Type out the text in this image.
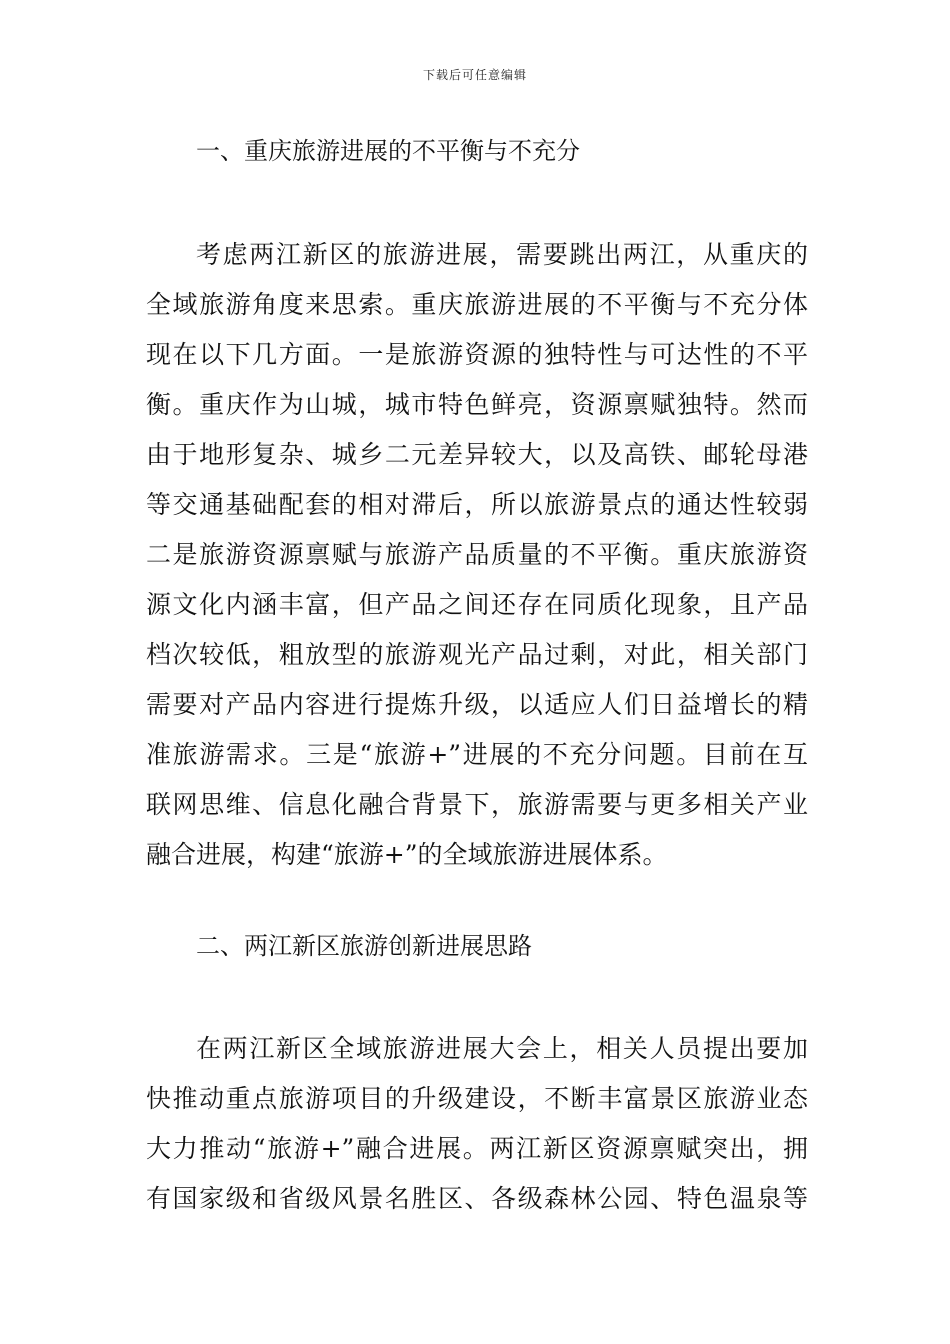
下载后可任意编辑
一、重庆旅游进展的不平衡与不充分
考虑两江新区的旅游进展，需要跳出两江，从重庆的
全域旅游角度来思索。重庆旅游进展的不平衡与不充分体
现在以下几方面。一是旅游资源的独特性与可达性的不平
衡。重庆作为山城，城市特色鲜亮，资源禀赋独特。然而
由于地形复杂、城乡二元差异较大，以及高铁、邮轮母港
等交通基础配套的相对滞后，所以旅游景点的通达性较弱
二是旅游资源禀赋与旅游产品质量的不平衡。重庆旅游资
源文化内涵丰富，但产品之间还存在同质化现象，且产品
档次较低，粗放型的旅游观光产品过剩，对此，相关部门
需要对产品内容进行提炼升级，以适应人们日益增长的精
准旅游需求。三是“旅游+”进展的不充分问题。目前在互
联网思维、信息化融合背景下，旅游需要与更多相关产业
融合进展，构建“旅游+”的全域旅游进展体系。
二、两江新区旅游创新进展思路
在两江新区全域旅游进展大会上，相关人员提出要加
快推动重点旅游项目的升级建设，不断丰富景区旅游业态
大力推动“旅游+”融合进展。两江新区资源禀赋突出，拥
有国家级和省级风景名胜区、各级森林公园、特色温泉等
